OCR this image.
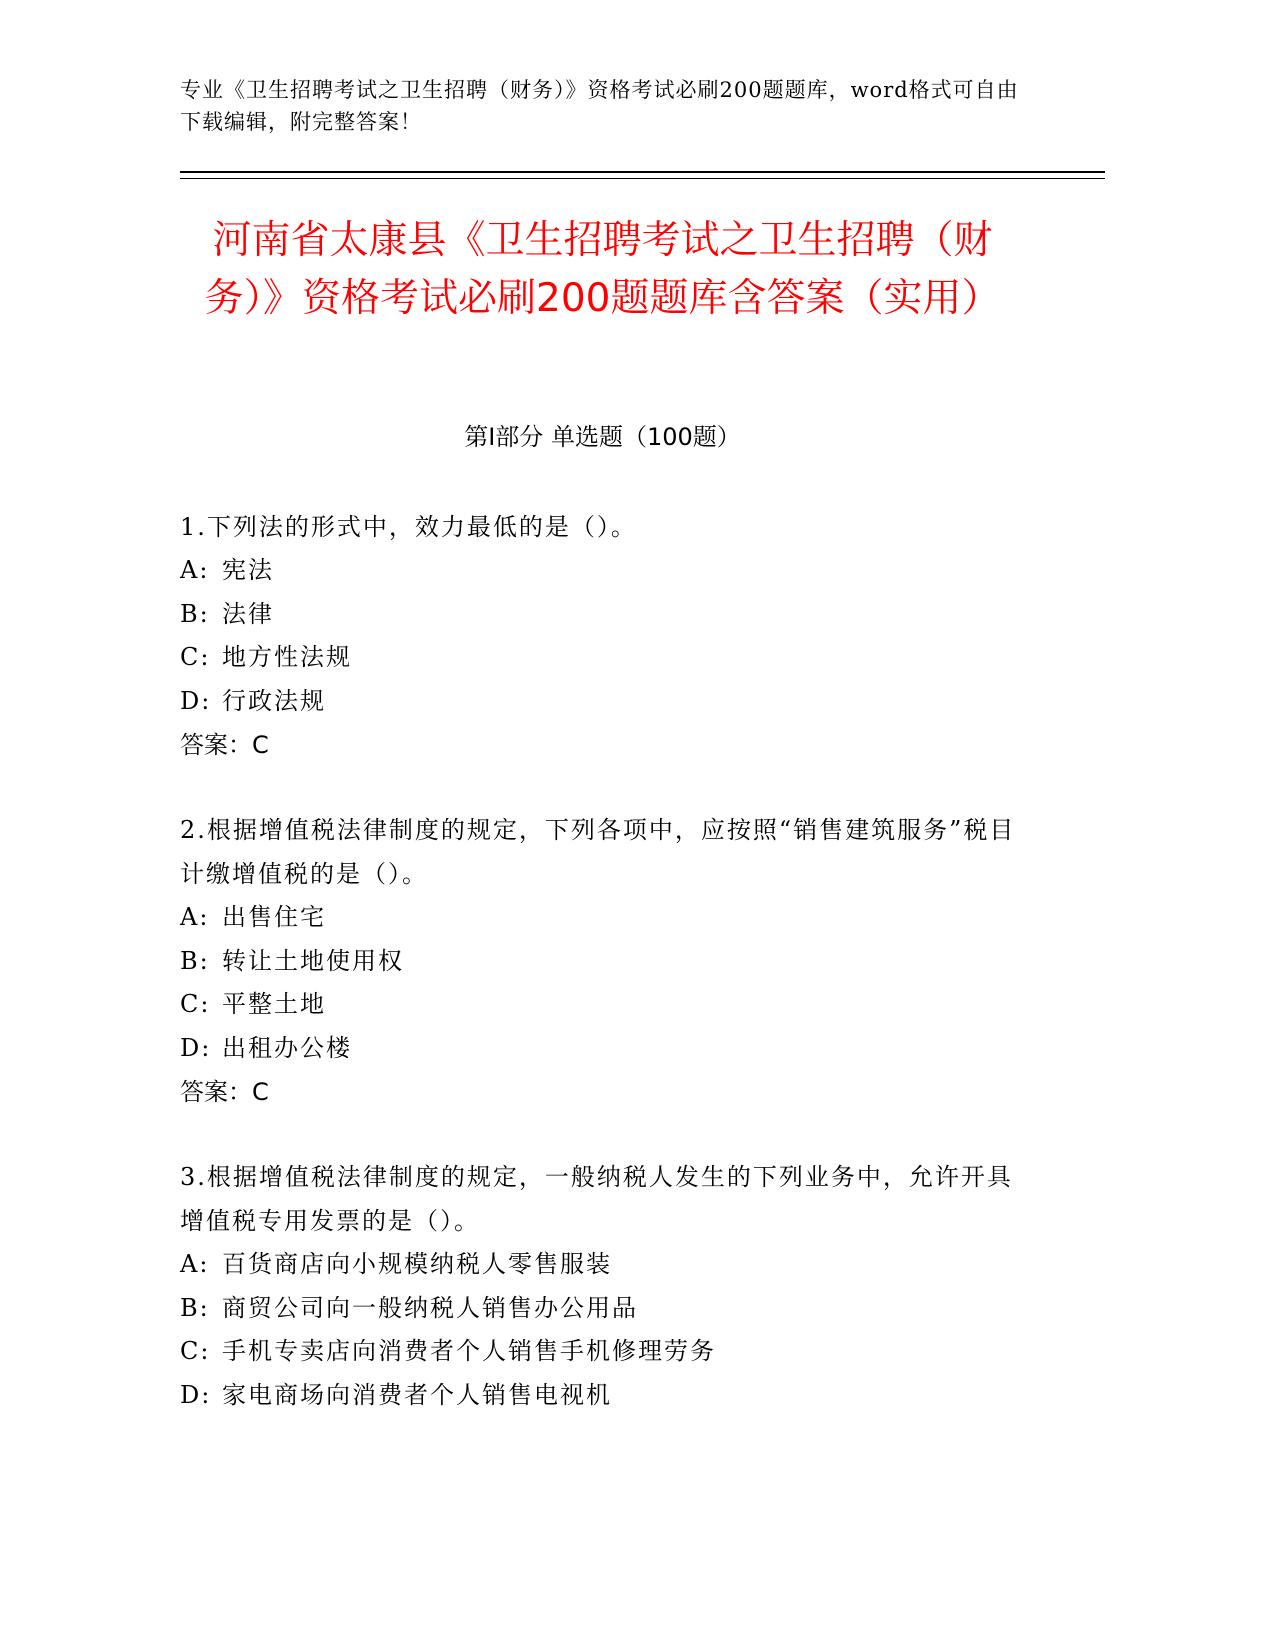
专业《卫生招聘考试之卫生招聘（财务）》资格考试必刷200题题库，word格式可自由下载编辑，附完整答案！

河南省太康县《卫生招聘考试之卫生招聘（财务）》资格考试必刷200题题库含答案（实用）
第Ⅰ部分 单选题（100题）

1.下列法的形式中，效力最低的是（）。

A: 宪法

B: 法律

C: 地方性法规

D: 行政法规

答案：C

2.根据增值税法律制度的规定，下列各项中，应按照“销售建筑服务”税目计缴增值税的是（）。

A: 出售住宅

B: 转让土地使用权

C: 平整土地

D: 出租办公楼

答案：C

3.根据增值税法律制度的规定，一般纳税人发生的下列业务中，允许开具增值税专用发票的是（）。

A: 百货商店向小规模纳税人零售服装

B: 商贸公司向一般纳税人销售办公用品

C: 手机专卖店向消费者个人销售手机修理劳务

D: 家电商场向消费者个人销售电视机
